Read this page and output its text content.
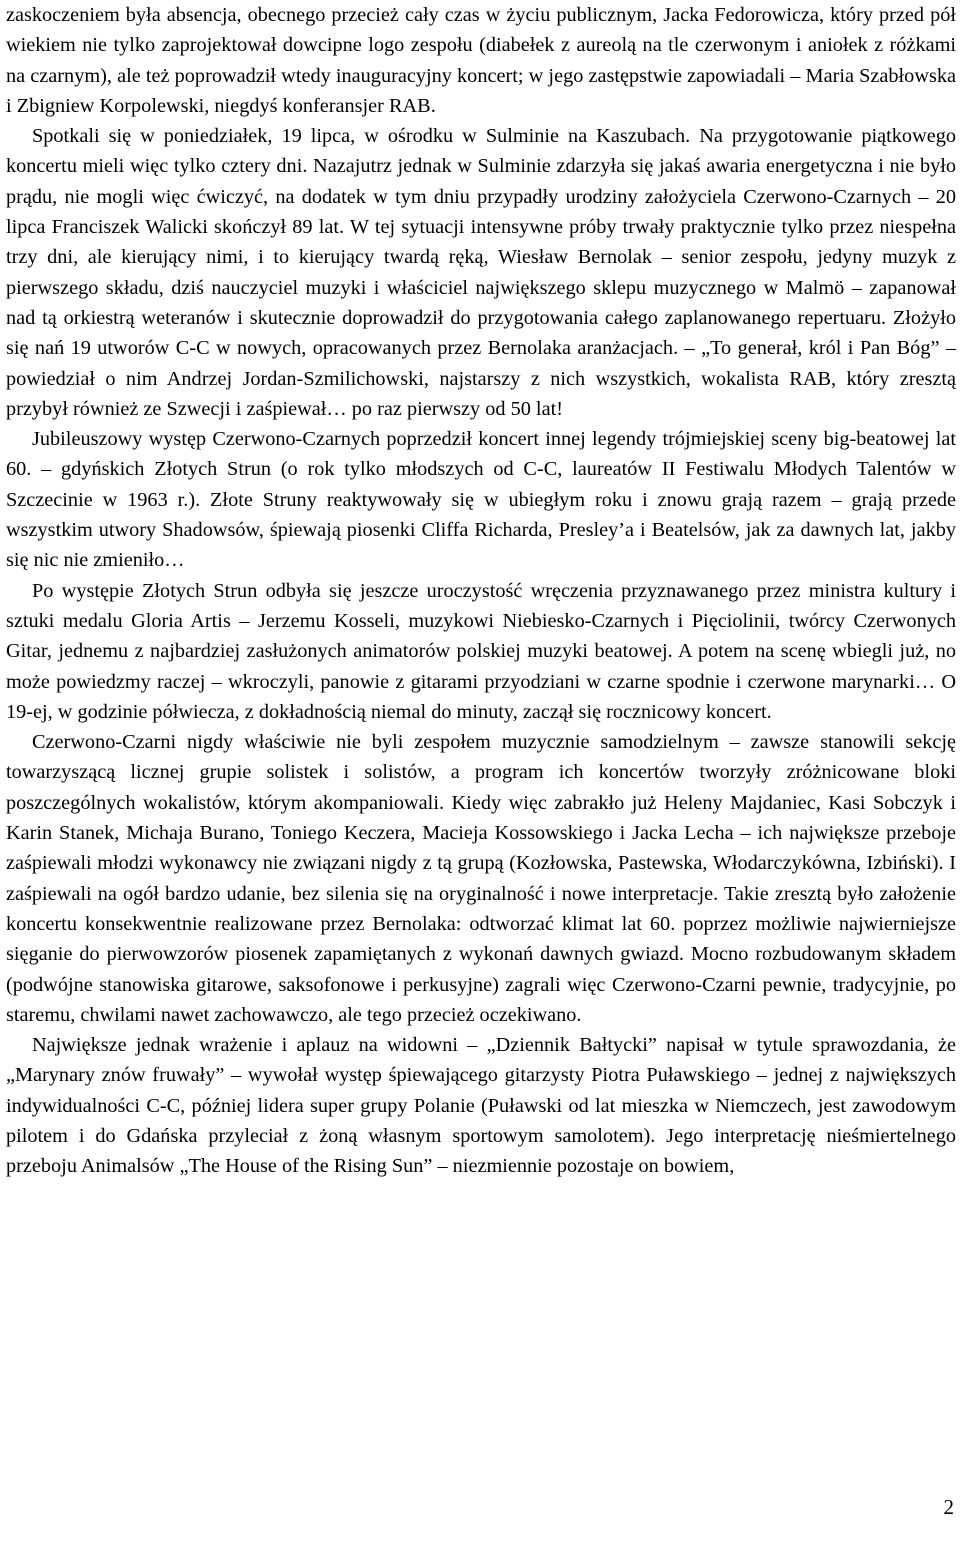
zaskoczeniem była absencja, obecnego przecież cały czas w życiu publicznym, Jacka Fedorowicza, który przed pół wiekiem nie tylko zaprojektował dowcipne logo zespołu (diabełek z aureolą na tle czerwonym i aniołek z różkami na czarnym), ale też poprowadził wtedy inauguracyjny koncert; w jego zastępstwie zapowiadali – Maria Szabłowska i Zbigniew Korpolewski, niegdyś konferansjer RAB.

Spotkali się w poniedziałek, 19 lipca, w ośrodku w Sulminie na Kaszubach. Na przygotowanie piątkowego koncertu mieli więc tylko cztery dni. Nazajutrz jednak w Sulminie zdarzyła się jakaś awaria energetyczna i nie było prądu, nie mogli więc ćwiczyć, na dodatek w tym dniu przypadły urodziny założyciela Czerwono-Czarnych – 20 lipca Franciszek Walicki skończył 89 lat. W tej sytuacji intensywne próby trwały praktycznie tylko przez niespełna trzy dni, ale kierujący nimi, i to kierujący twardą ręką, Wiesław Bernolak – senior zespołu, jedyny muzyk z pierwszego składu, dziś nauczyciel muzyki i właściciel największego sklepu muzycznego w Malmö – zapanował nad tą orkiestrą weteranów i skutecznie doprowadził do przygotowania całego zaplanowanego repertuaru. Złożyło się nań 19 utworów C-C w nowych, opracowanych przez Bernolaka aranżacjach. – „To generał, król i Pan Bóg” – powiedział o nim Andrzej Jordan-Szmilichowski, najstarszy z nich wszystkich, wokalista RAB, który zresztą przybył również ze Szwecji i zaśpiewał… po raz pierwszy od 50 lat!

Jubileuszowy występ Czerwono-Czarnych poprzedził koncert innej legendy trójmiejskiej sceny big-beatowej lat 60. – gdyńskich Złotych Strun (o rok tylko młodszych od C-C, laureatów II Festiwalu Młodych Talentów w Szczecinie w 1963 r.). Złote Struny reaktywowały się w ubiegłym roku i znowu grają razem – grają przede wszystkim utwory Shadowsów, śpiewają piosenki Cliffa Richarda, Presley’a i Beatelsów, jak za dawnych lat, jakby się nic nie zmieniło…

Po występie Złotych Strun odbyła się jeszcze uroczystość wręczenia przyznawanego przez ministra kultury i sztuki medalu Gloria Artis – Jerzemu Kosseli, muzykowi Niebiesko-Czarnych i Pięciolinii, twórcy Czerwonych Gitar, jednemu z najbardziej zasłużonych animatorów polskiej muzyki beatowej. A potem na scenę wbiegli już, no może powiedzmy raczej – wkroczyli, panowie z gitarami przyodziani w czarne spodnie i czerwone marynarki… O 19-ej, w godzinie półwiecza, z dokładnością niemal do minuty, zaczął się rocznicowy koncert.

Czerwono-Czarni nigdy właściwie nie byli zespołem muzycznie samodzielnym – zawsze stanowili sekcję towarzyszącą licznej grupie solistek i solistów, a program ich koncertów tworzyły zróżnicowane bloki poszczególnych wokalistów, którym akompaniowali. Kiedy więc zabrakło już Heleny Majdaniec, Kasi Sobczyk i Karin Stanek, Michaja Burano, Toniego Keczera, Macieja Kossowskiego i Jacka Lecha – ich największe przeboje zaśpiewali młodzi wykonawcy nie związani nigdy z tą grupą (Kozłowska, Pastewska, Włodarczykówna, Izbiński). I zaśpiewali na ogół bardzo udanie, bez silenia się na oryginalność i nowe interpretacje. Takie zresztą było założenie koncertu konsekwentnie realizowane przez Bernolaka: odtworzać klimat lat 60. poprzez możliwie najwierniejsze sięganie do pierwowzorów piosenek zapamiętanych z wykonań dawnych gwiazd. Mocno rozbudowanym składem (podwójne stanowiska gitarowe, saksofonowe i perkusyjne) zagrali więc Czerwono-Czarni pewnie, tradycyjnie, po staremu, chwilami nawet zachowawczo, ale tego przecież oczekiwano.

Największe jednak wrażenie i aplauz na widowni – „Dziennik Bałtycki” napisał w tytule sprawozdania, że „Marynary znów fruwały” – wywołał występ śpiewającego gitarzysty Piotra Puławskiego – jednej z największych indywidualności C-C, później lidera super grupy Polanie (Puławski od lat mieszka w Niemczech, jest zawodowym pilotem i do Gdańska przyleciał z żoną własnym sportowym samolotem). Jego interpretację nieśmiertelnego przeboju Animalsów „The House of the Rising Sun” – niezmiennie pozostaje on bowiem,

2
